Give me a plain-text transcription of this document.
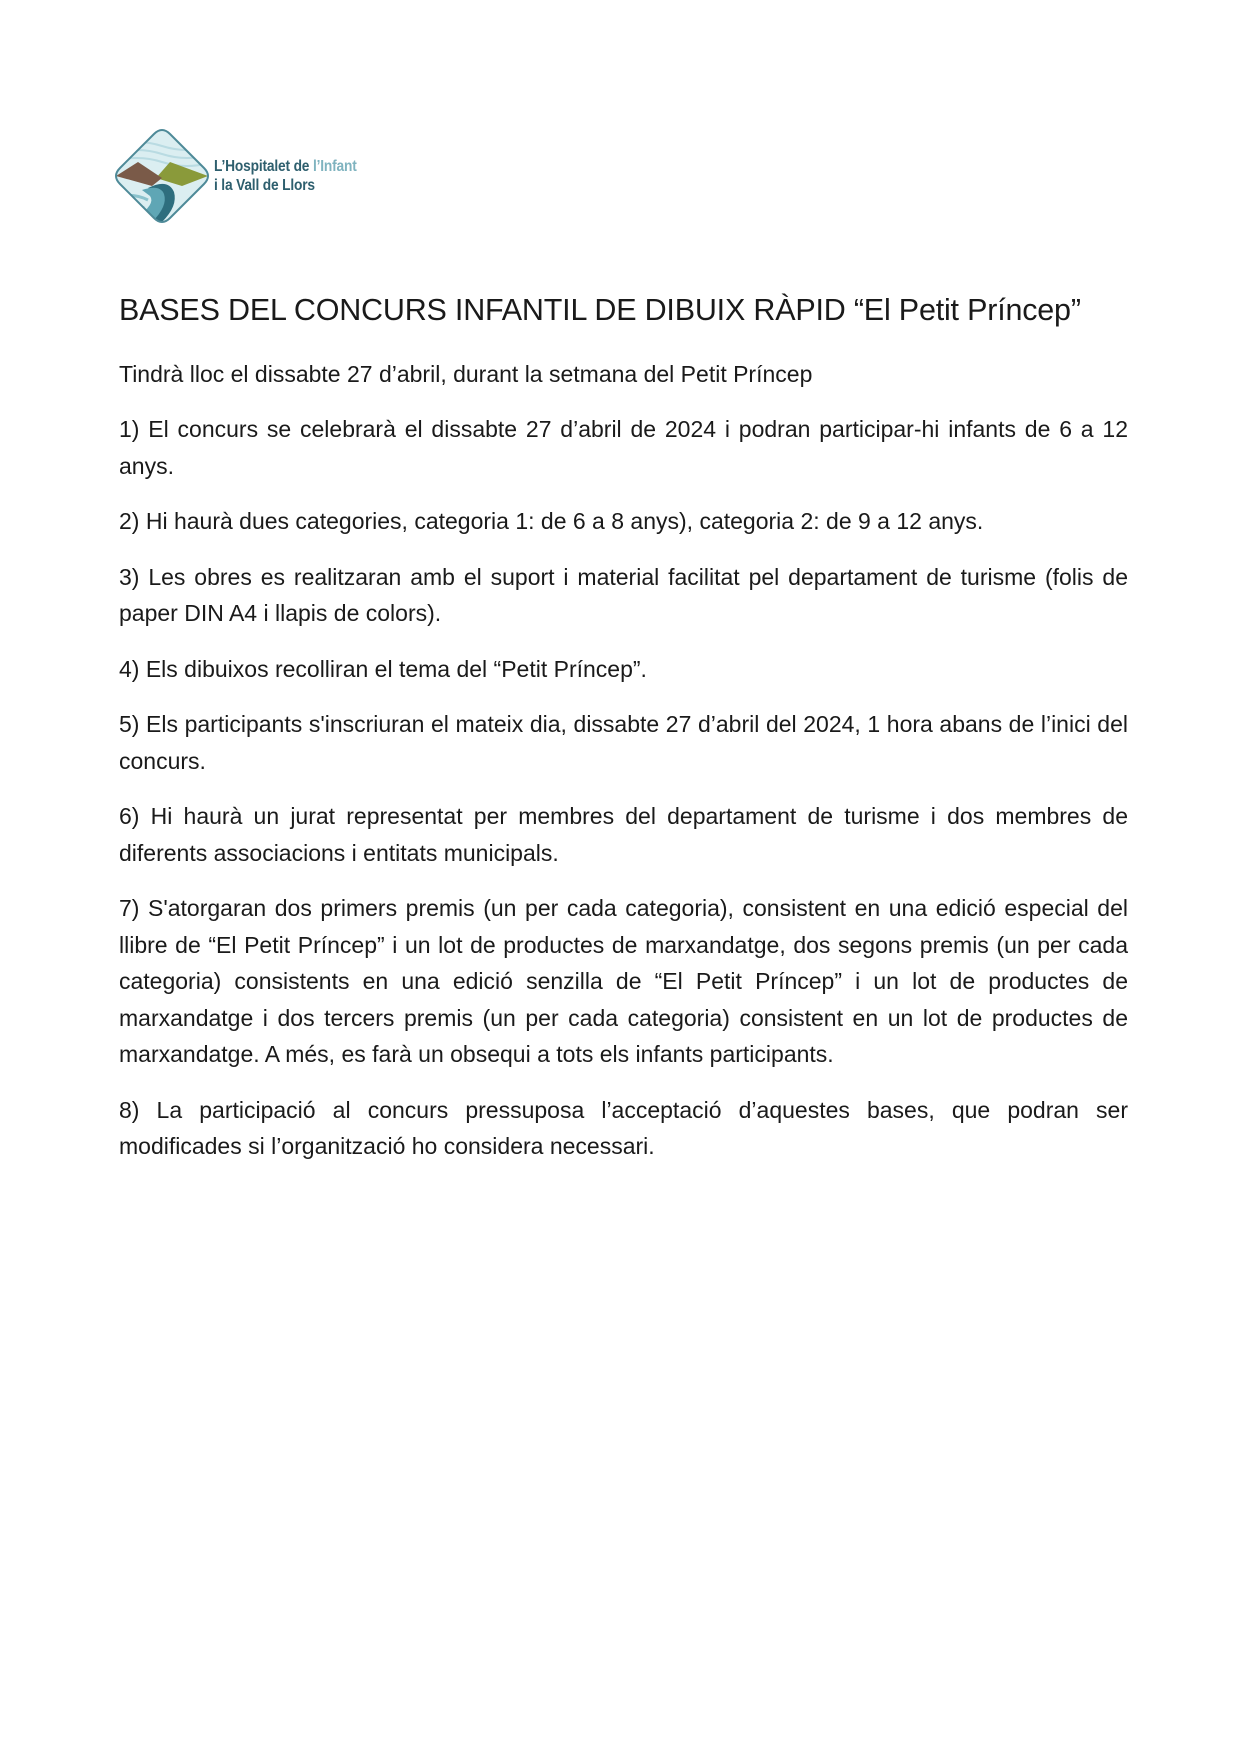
L’Hospitalet de l’Infant
i la Vall de Llors
BASES DEL CONCURS INFANTIL DE DIBUIX RÀPID “El Petit Príncep”

Tindrà lloc el dissabte 27 d’abril, durant la setmana del Petit Príncep

1) El concurs se celebrarà el dissabte 27 d’abril de 2024 i podran participar-hi infants de 6 a 12 anys.

2) Hi haurà dues categories, categoria 1: de 6 a 8 anys), categoria 2: de 9 a 12 anys.

3) Les obres es realitzaran amb el suport i material facilitat pel departament de turisme (folis de paper DIN A4 i llapis de colors).

4) Els dibuixos recolliran el tema del “Petit Príncep”.

5) Els participants s'inscriuran el mateix dia, dissabte 27 d’abril del 2024, 1 hora abans de l’inici del concurs.

6) Hi haurà un jurat representat per membres del departament de turisme i dos membres de diferents associacions i entitats municipals.

7) S'atorgaran dos primers premis (un per cada categoria), consistent en una edició especial del llibre de “El Petit Príncep” i un lot de productes de marxandatge, dos segons premis (un per cada categoria) consistents en una edició senzilla de “El Petit Príncep” i un lot de productes de marxandatge i dos tercers premis (un per cada categoria) consistent en un lot de productes de marxandatge. A més, es farà un obsequi a tots els infants participants.

8) La participació al concurs pressuposa l’acceptació d’aquestes bases, que podran ser modificades si l’organització ho considera necessari.
